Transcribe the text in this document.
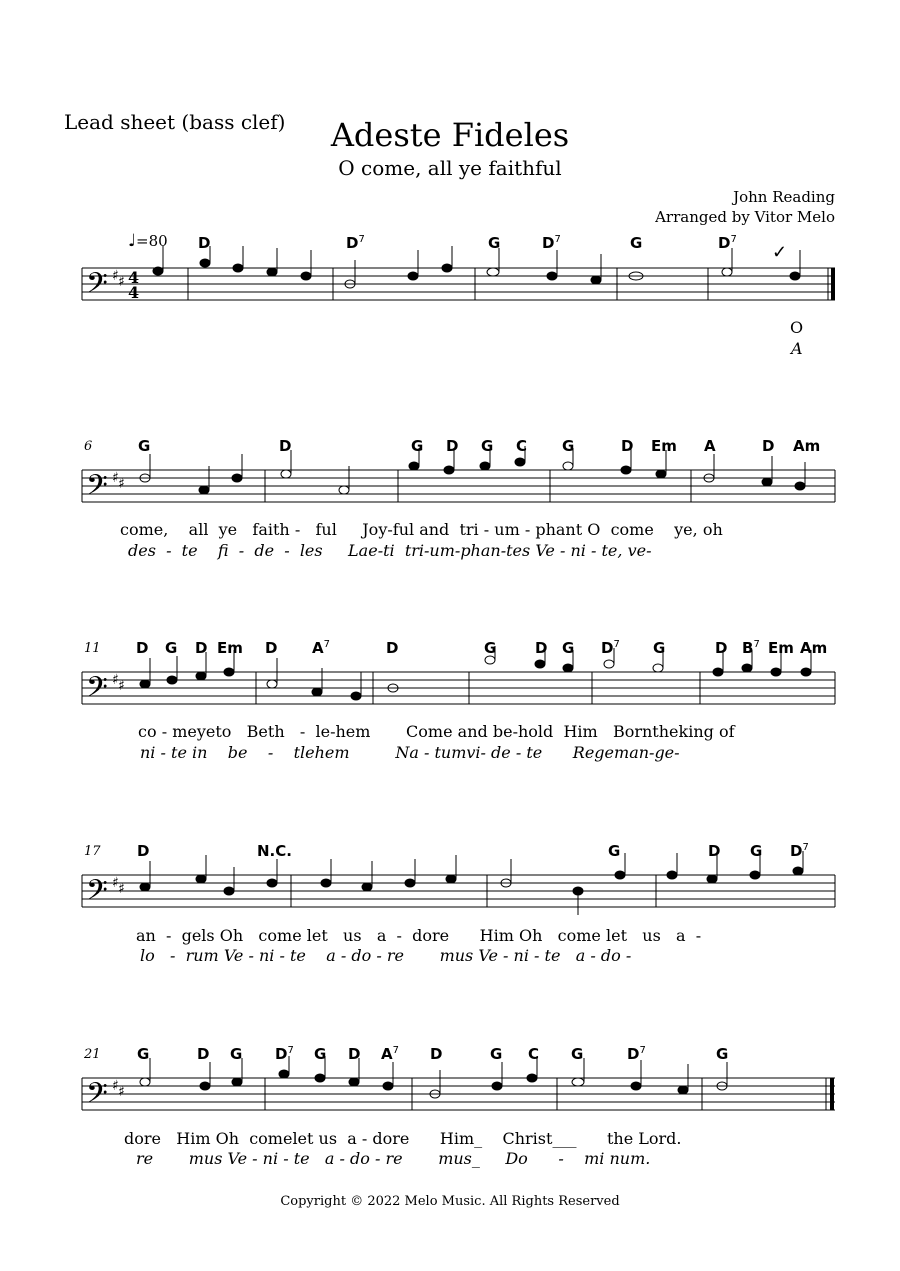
Lead sheet (bass clef)	Adeste Fideles
O come, all ye faithful
John Reading
Arranged by Vitor Melo
♩=80 D	$D^7$	G	$D^7$	G	$D^7$
✓
𝄢 ♯ ♯ 4
4
O
A
6	G	D	G D G C G	D Em A	D Am
𝄢 ♯ ♯
come, all ye faith - ful Joy-ful and tri - um - phant O come ye, oh
des - te fi - de - les Lae-ti tri-um-phan-tes Ve - ni - te, ve-
11 D G D Em D $A^7$	D	G	D G $D^7$ G	D $B^7$ Em Am
𝄢 ♯ ♯
co - meyeto Beth - le-hem Come and be-hold Him Borntheking of
ni - te in be - tlehem	Na - tumvi- de - te Regeman-ge-
17 D	N.C.	G	D G $D^7$
𝄢 ♯ ♯
an - gels Oh come let us a - dore Him Oh come let us a -
lo - rum Ve - ni - te a - do - re mus Ve - ni - te a - do -
21 G	D G $D^7$ G D $A^7$ D	G C G	$D^7$	G
𝄢 ♯ ♯
dore Him Oh comelet us a - dore Him_ Christ___ the Lord.
re mus Ve - ni - te a - do - re mus_ Do - mi num.
Copyright © 2022 Melo Music. All Rights Reserved
